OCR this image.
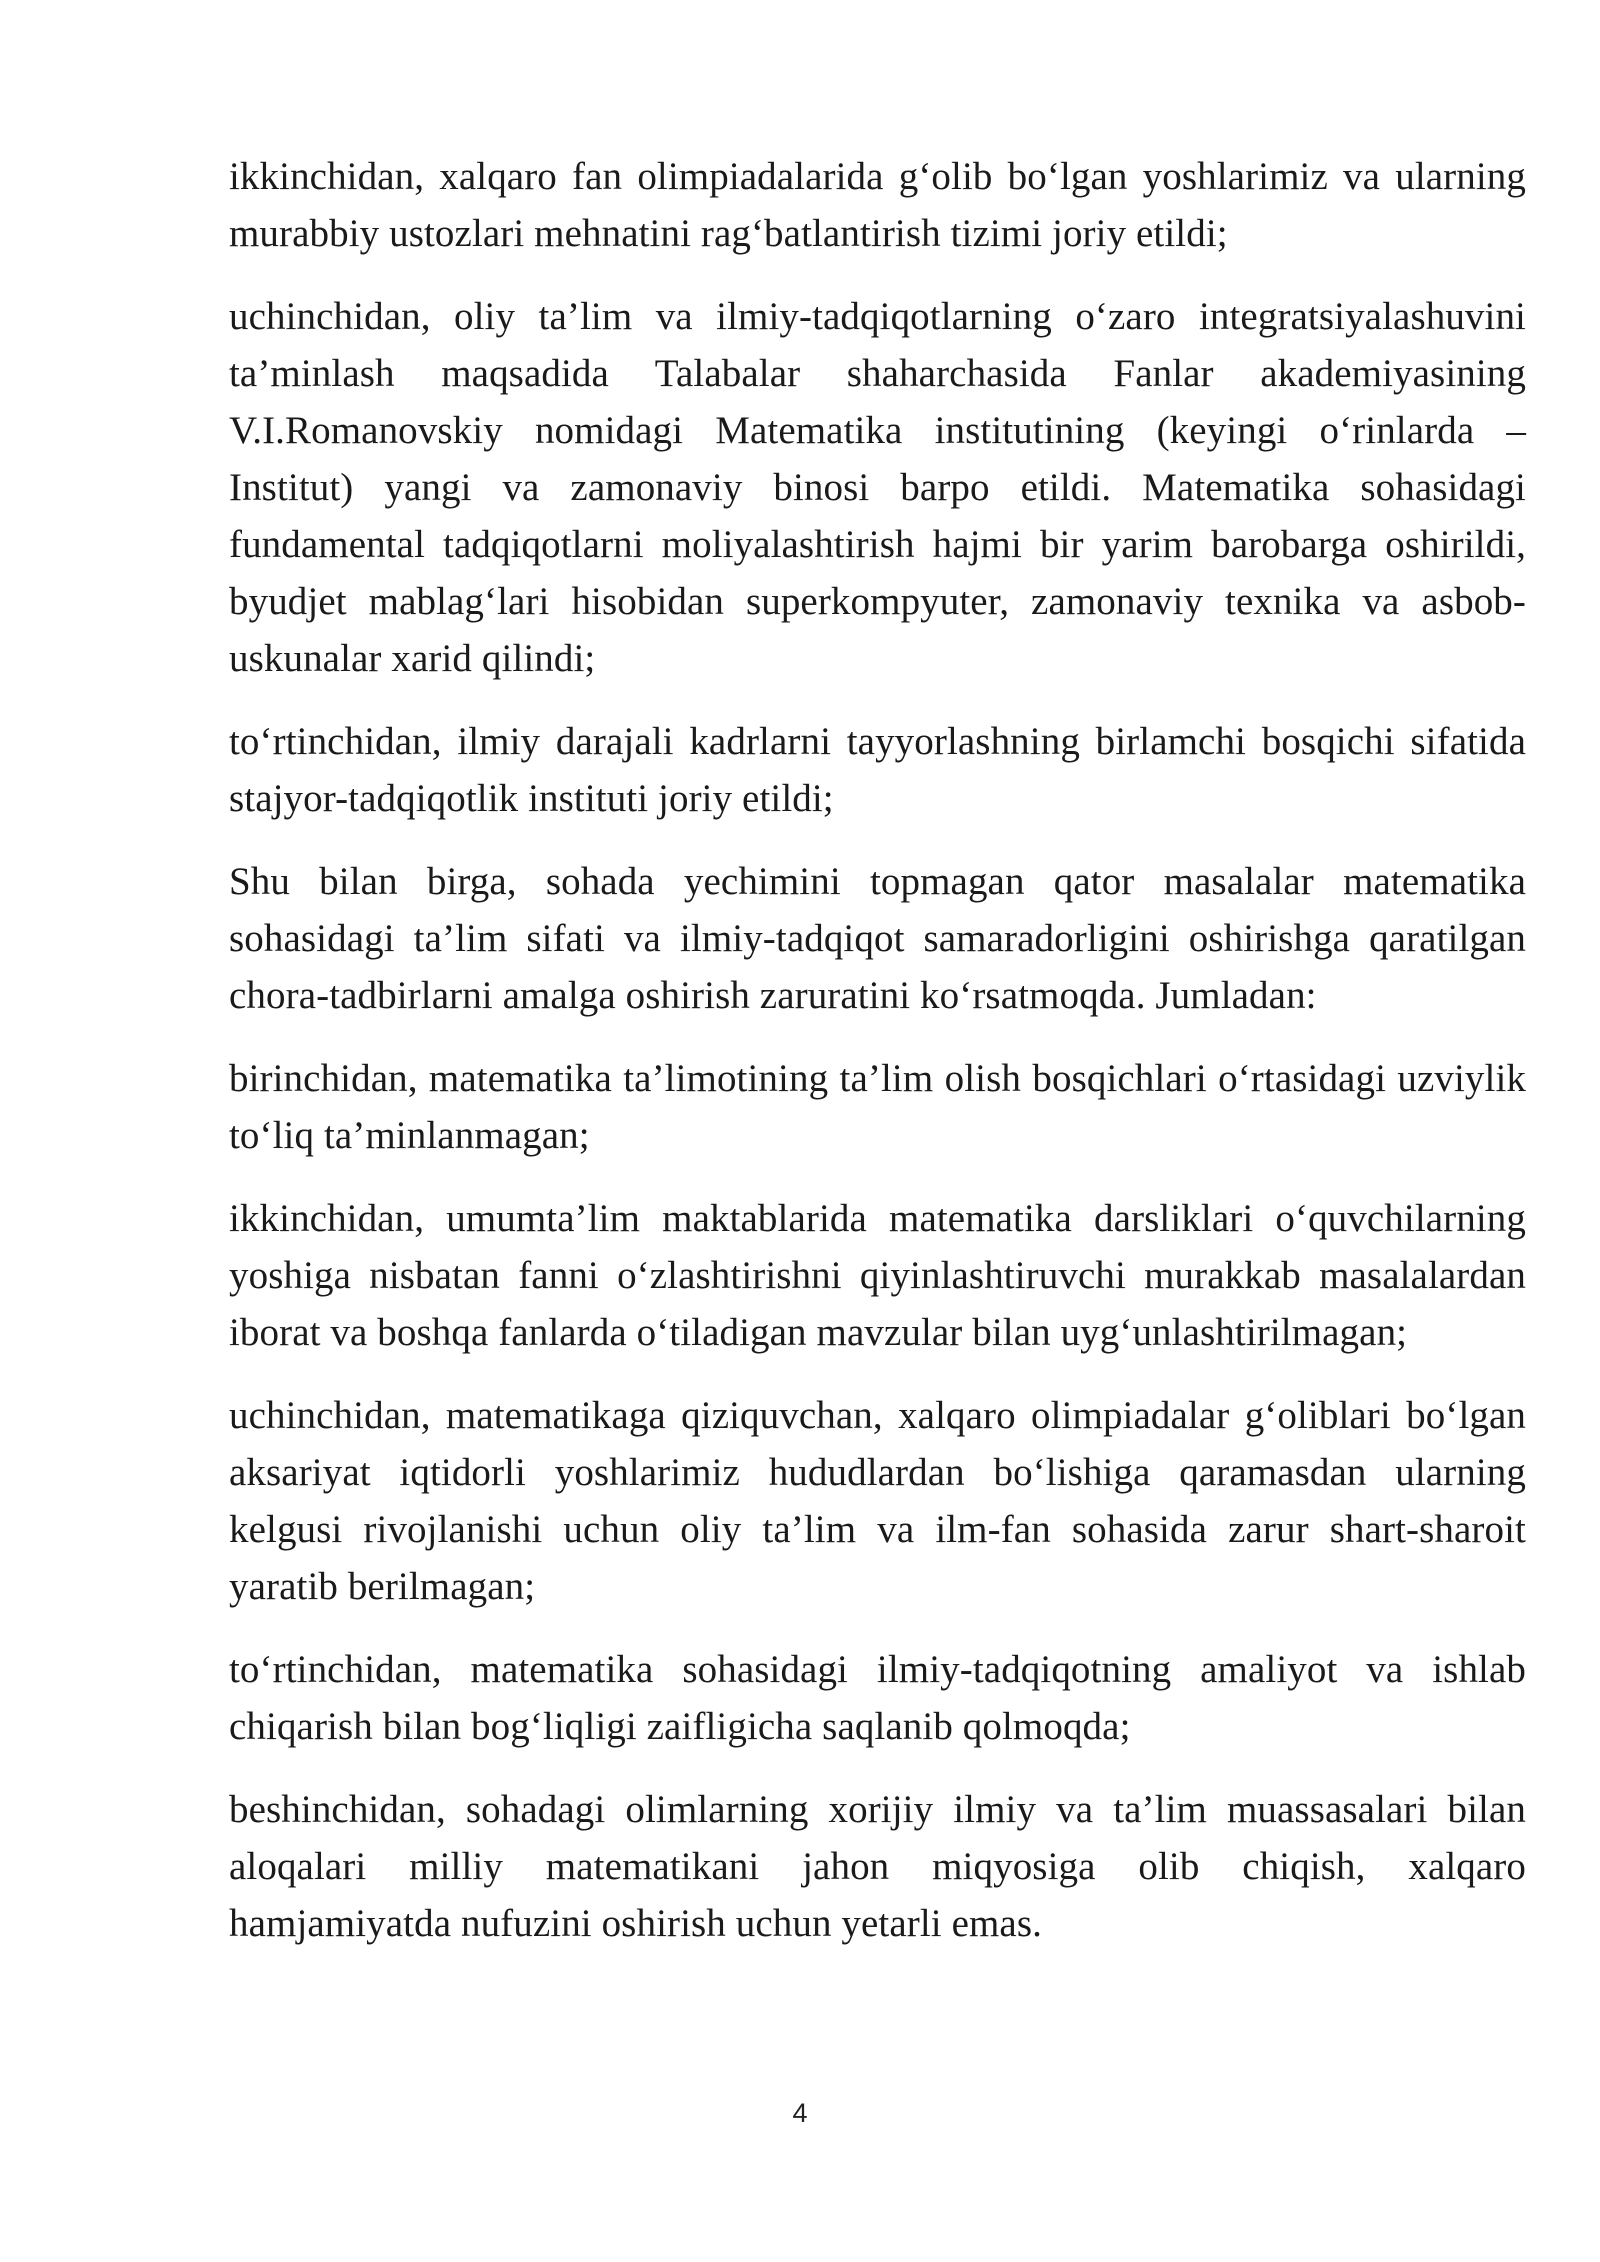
ikkinchidan, xalqaro fan olimpiadalarida g‘olib bo‘lgan yoshlarimiz va ularning murabbiy ustozlari mehnatini rag‘batlantirish tizimi joriy etildi;

uchinchidan, oliy ta’lim va ilmiy-tadqiqotlarning o‘zaro integratsiyalashuvini ta’minlash maqsadida Talabalar shaharchasida Fanlar akademiyasining V.I.Romanovskiy nomidagi Matematika institutining (keyingi o‘rinlarda – Institut) yangi va zamonaviy binosi barpo etildi. Matematika sohasidagi fundamental tadqiqotlarni moliyalashtirish hajmi bir yarim barobarga oshirildi, byudjet mablag‘lari hisobidan superkompyuter, zamonaviy texnika va asbob-uskunalar xarid qilindi;

to‘rtinchidan, ilmiy darajali kadrlarni tayyorlashning birlamchi bosqichi sifatida stajyor-tadqiqotlik instituti joriy etildi;

Shu bilan birga, sohada yechimini topmagan qator masalalar matematika sohasidagi ta’lim sifati va ilmiy-tadqiqot samaradorligini oshirishga qaratilgan chora-tadbirlarni amalga oshirish zaruratini ko‘rsatmoqda. Jumladan:

birinchidan, matematika ta’limotining ta’lim olish bosqichlari o‘rtasidagi uzviylik to‘liq ta’minlanmagan;

ikkinchidan, umumta’lim maktablarida matematika darsliklari o‘quvchilarning yoshiga nisbatan fanni o‘zlashtirishni qiyinlashtiruvchi murakkab masalalardan iborat va boshqa fanlarda o‘tiladigan mavzular bilan uyg‘unlashtirilmagan;

uchinchidan, matematikaga qiziquvchan, xalqaro olimpiadalar g‘oliblari bo‘lgan aksariyat iqtidorli yoshlarimiz hududlardan bo‘lishiga qaramasdan ularning kelgusi rivojlanishi uchun oliy ta’lim va ilm-fan sohasida zarur shart-sharoit yaratib berilmagan;

to‘rtinchidan, matematika sohasidagi ilmiy-tadqiqotning amaliyot va ishlab chiqarish bilan bog‘liqligi zaifligicha saqlanib qolmoqda;

beshinchidan, sohadagi olimlarning xorijiy ilmiy va ta’lim muassasalari bilan aloqalari milliy matematikani jahon miqyosiga olib chiqish, xalqaro hamjamiyatda nufuzini oshirish uchun yetarli emas.

4
